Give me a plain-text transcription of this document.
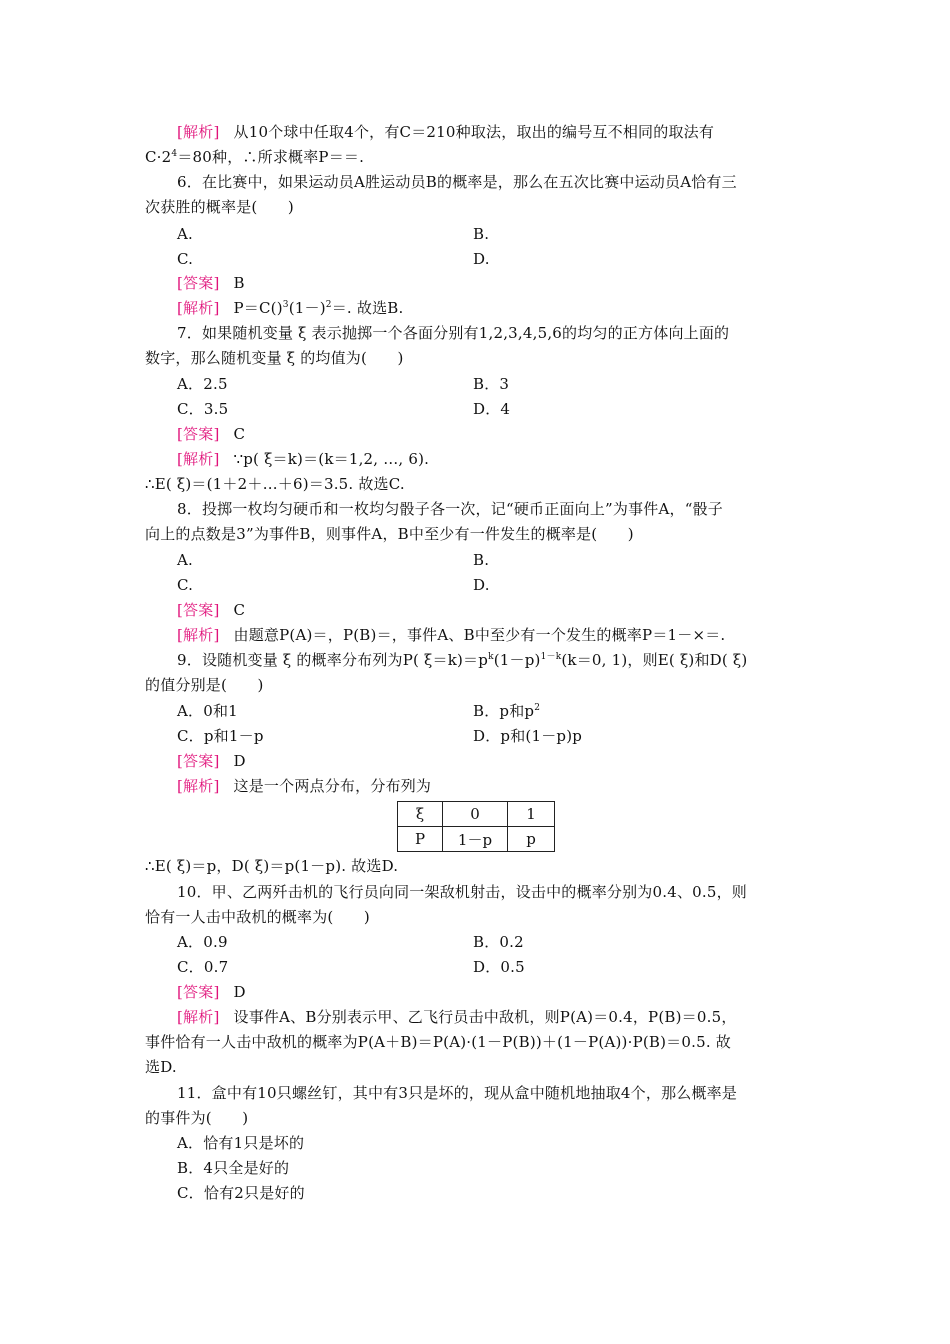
[解析] 从10个球中任取4个，有C＝210种取法，取出的编号互不相同的取法有
$C\cdot 2^4=80$种，∴所求概率P＝＝.
6．在比赛中，如果运动员A胜运动员B的概率是，那么在五次比赛中运动员A恰有三
次获胜的概率是(　　)
A.	B.
C.	D.
[答案] B
[解析] $P=C()^3(1-)^2=$. 故选B.
7．如果随机变量 ξ 表示抛掷一个各面分别有1,2,3,4,5,6的均匀的正方体向上面的
数字，那么随机变量 ξ 的均值为(　　)
A．2.5	B．3
C．3.5	D．4
[答案] C
[解析] ∵p( ξ＝k)＝(k＝1,2, …, 6).
∴E( ξ)＝(1＋2＋…＋6)＝3.5. 故选C.
8．投掷一枚均匀硬币和一枚均匀骰子各一次，记“硬币正面向上”为事件A，“骰子
向上的点数是3”为事件B，则事件A，B中至少有一件发生的概率是(　　)
A.	B.
C.	D.
[答案] C
[解析] 由题意P(A)＝，P(B)＝，事件A、B中至少有一个发生的概率P＝1－×＝.
9．设随机变量 ξ 的概率分布列为P( $\xi=k)=p^k(1-p)^{1-k}(k=0$, 1)，则E( ξ)和D( ξ)
的值分别是(　　)
A．0和1	B．p和$p^2$
C．p和1－p	D．p和(1－p)p
[答案] D
[解析] 这是一个两点分布，分布列为
ξ	0	1
P	1－p	p
∴E( ξ)＝p，D( ξ)＝p(1－p). 故选D.
10．甲、乙两歼击机的飞行员向同一架敌机射击，设击中的概率分别为0.4、0.5，则
恰有一人击中敌机的概率为(　　)
A．0.9	B．0.2
C．0.7	D．0.5
[答案] D
[解析] 设事件A、B分别表示甲、乙飞行员击中敌机，则P(A)＝0.4，P(B)＝0.5，
事件恰有一人击中敌机的概率为P(A＋B)＝P(A)·(1－P(B))＋(1－P(A))·P(B)＝0.5. 故
选D.
11．盒中有10只螺丝钉，其中有3只是坏的，现从盒中随机地抽取4个，那么概率是
的事件为(　　)
A．恰有1只是坏的
B．4只全是好的
C．恰有2只是好的
